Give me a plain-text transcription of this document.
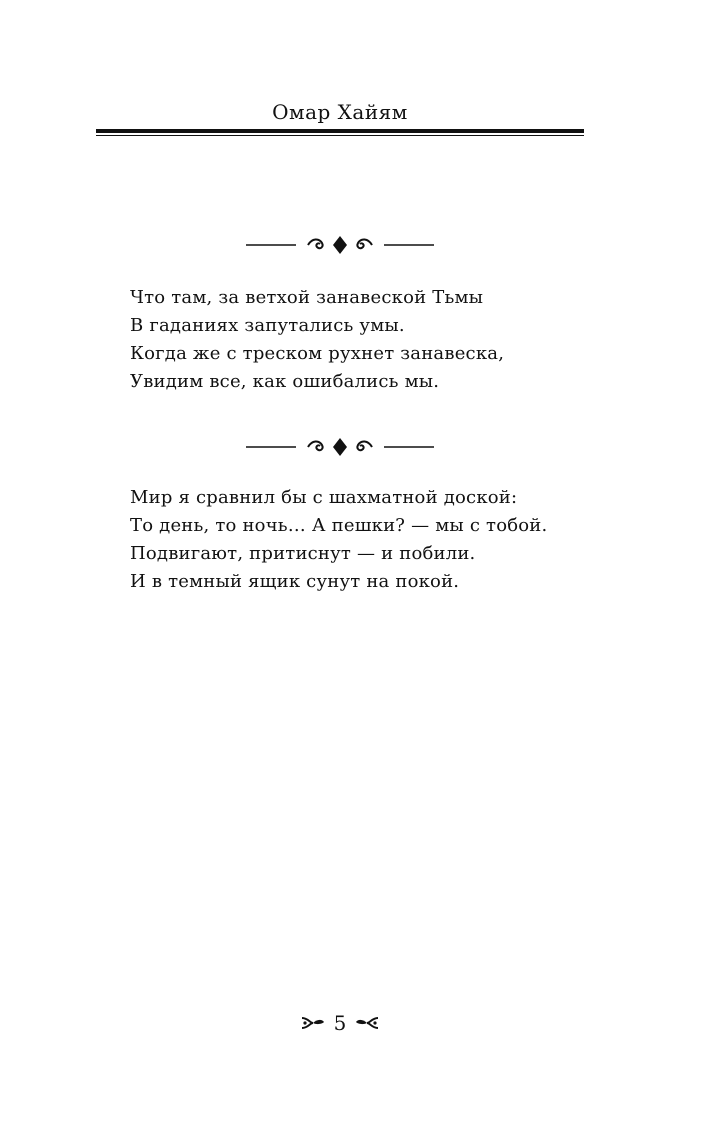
Омар Хайям
Что там, за ветхой занавеской Тьмы
В гаданиях запутались умы.
Когда же с треском рухнет занавеска,
Увидим все, как ошибались мы.
Мир я сравнил бы с шахматной доской:
То день, то ночь… А пешки? — мы с тобой.
Подвигают, притиснут — и побили.
И в темный ящик сунут на покой.
5
